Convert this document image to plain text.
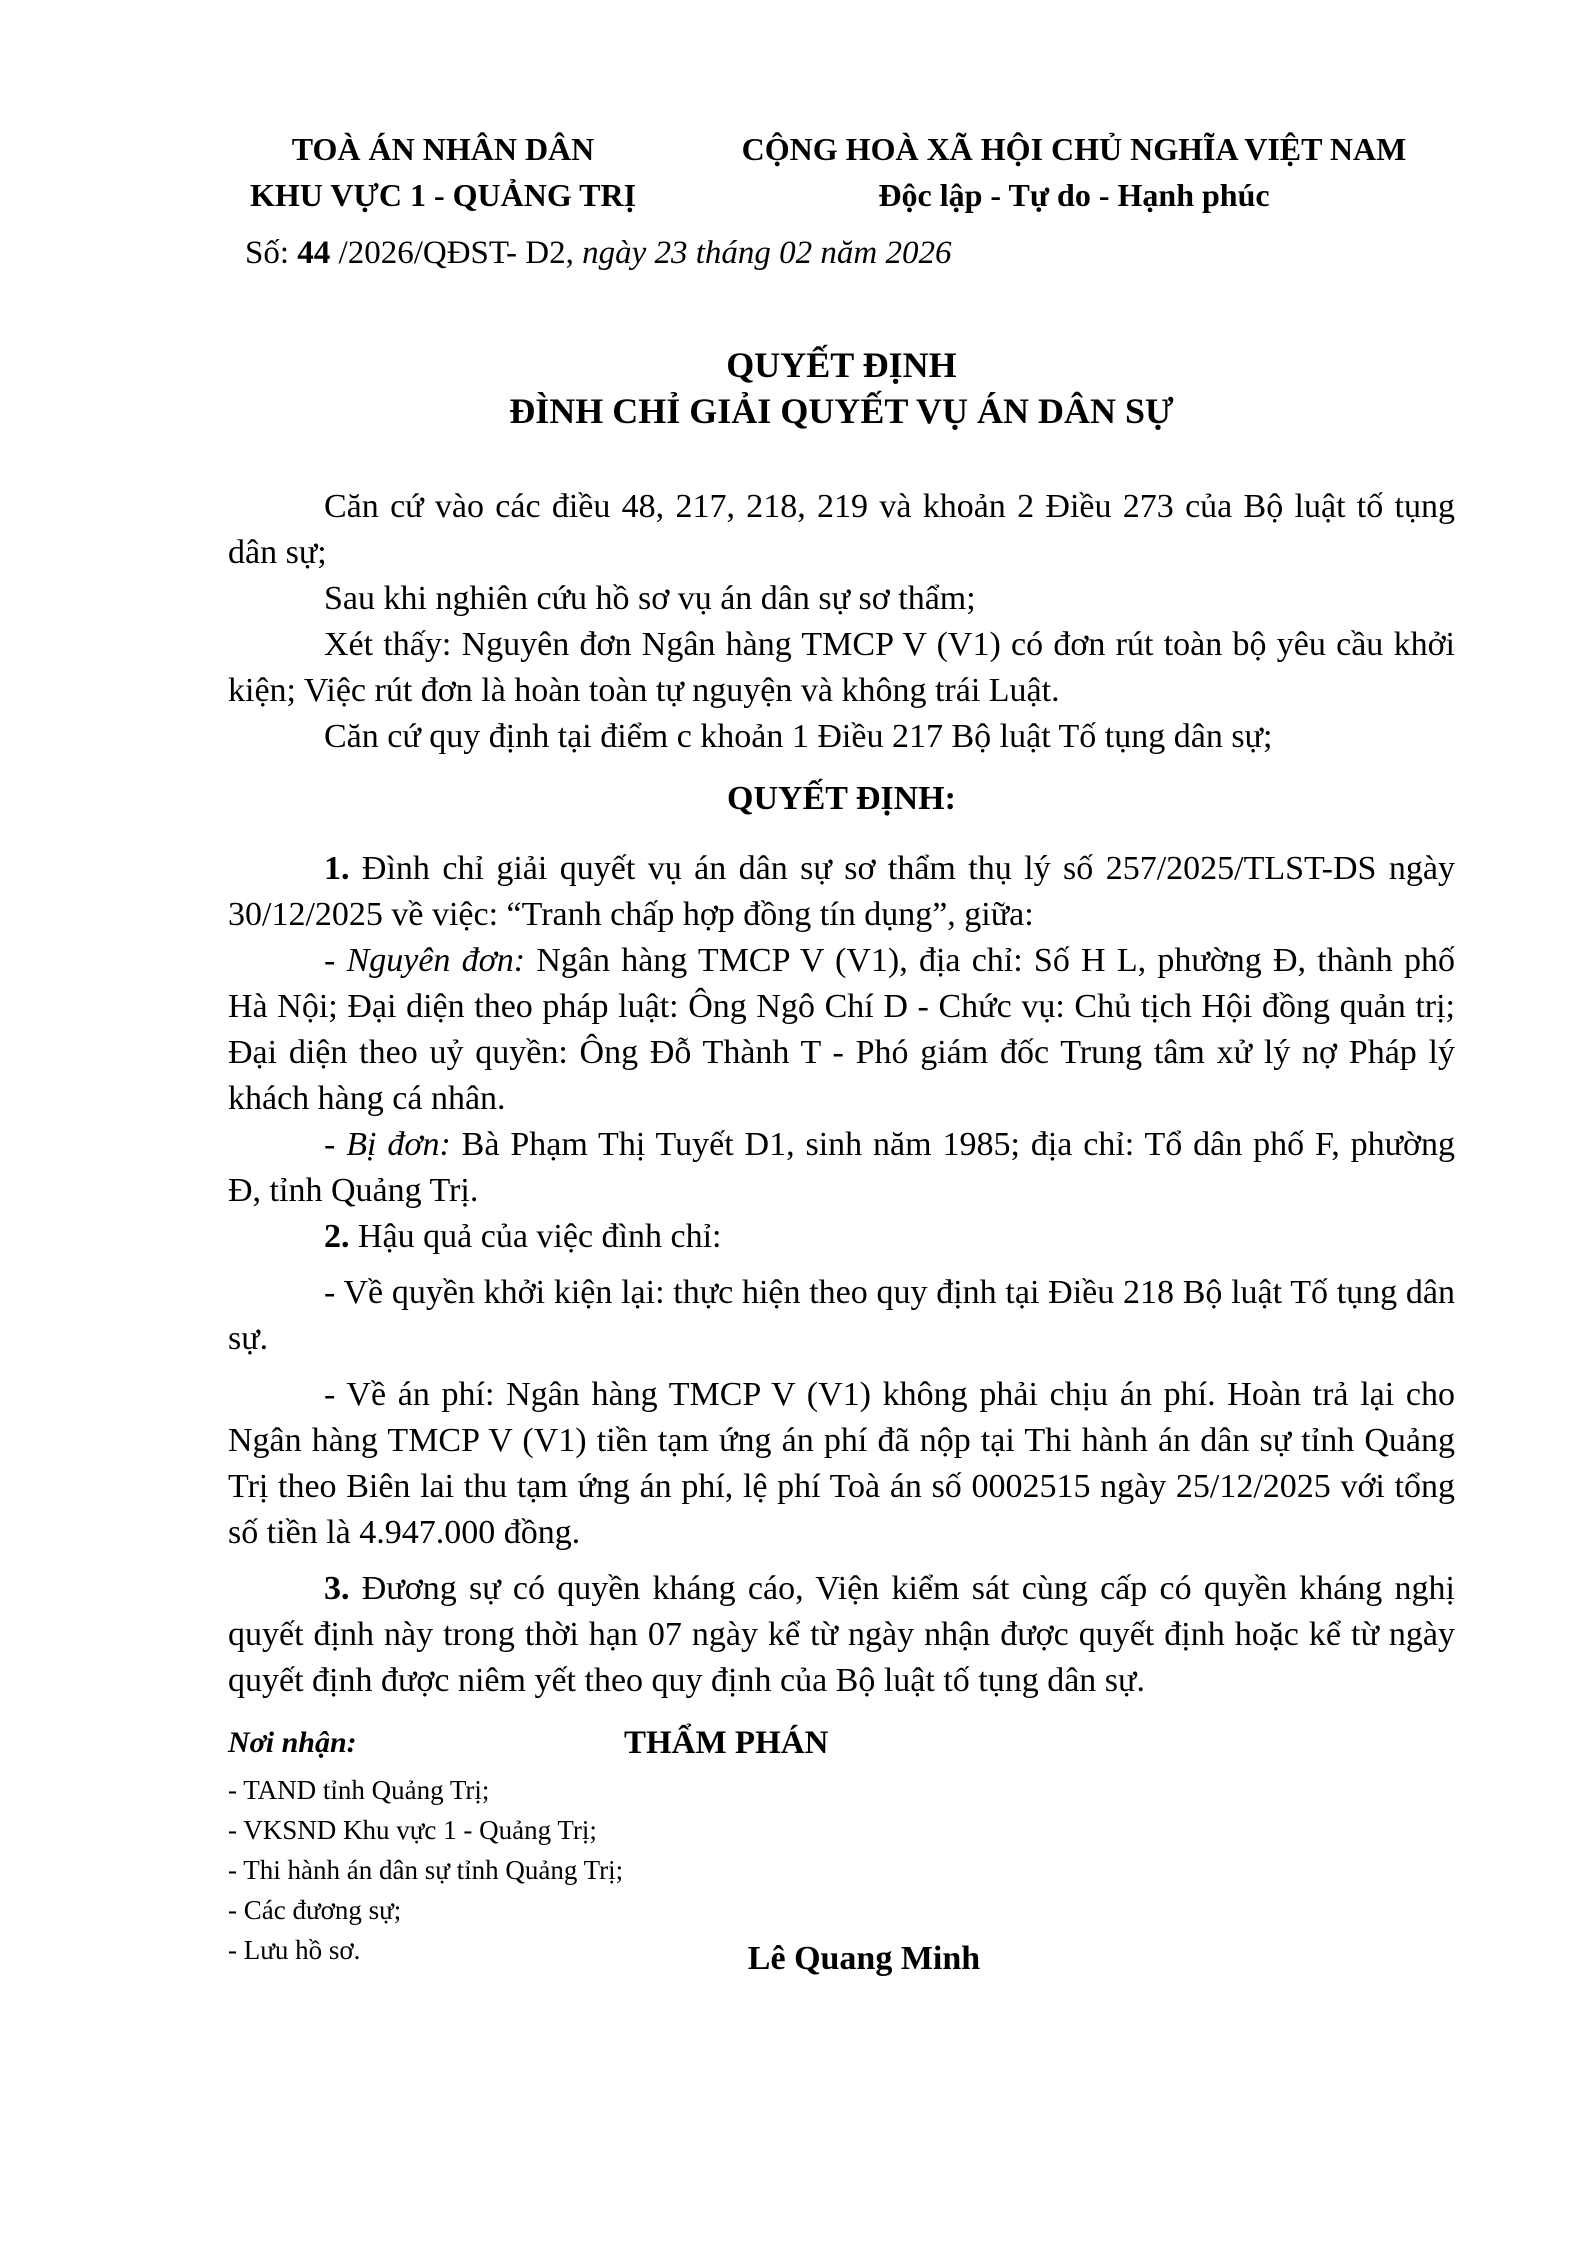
TOÀ ÁN NHÂN DÂN
KHU VỰC 1 - QUẢNG TRỊ
CỘNG HOÀ XÃ HỘI CHỦ NGHĨA VIỆT NAM
Độc lập - Tự do - Hạnh phúc
Số: 44 /2026/QĐST- D2, ngày 23 tháng 02 năm 2026
QUYẾT ĐỊNH
ĐÌNH CHỈ GIẢI QUYẾT VỤ ÁN DÂN SỰ

Căn cứ vào các điều 48, 217, 218, 219 và khoản 2 Điều 273 của Bộ luật tố tụng dân sự;

Sau khi nghiên cứu hồ sơ vụ án dân sự sơ thẩm;

Xét thấy: Nguyên đơn Ngân hàng TMCP V (V1) có đơn rút toàn bộ yêu cầu khởi kiện; Việc rút đơn là hoàn toàn tự nguyện và không trái Luật.

Căn cứ quy định tại điểm c khoản 1 Điều 217 Bộ luật Tố tụng dân sự;

QUYẾT ĐỊNH:

1. Đình chỉ giải quyết vụ án dân sự sơ thẩm thụ lý số 257/2025/TLST-DS ngày 30/12/2025 về việc: “Tranh chấp hợp đồng tín dụng”, giữa:

- Nguyên đơn: Ngân hàng TMCP V (V1), địa chỉ: Số H L, phường Đ, thành phố Hà Nội; Đại diện theo pháp luật: Ông Ngô Chí D - Chức vụ: Chủ tịch Hội đồng quản trị; Đại diện theo uỷ quyền: Ông Đỗ Thành T - Phó giám đốc Trung tâm xử lý nợ Pháp lý khách hàng cá nhân.

- Bị đơn: Bà Phạm Thị Tuyết D1, sinh năm 1985; địa chỉ: Tổ dân phố F, phường Đ, tỉnh Quảng Trị.

2. Hậu quả của việc đình chỉ:

- Về quyền khởi kiện lại: thực hiện theo quy định tại Điều 218 Bộ luật Tố tụng dân sự.

- Về án phí: Ngân hàng TMCP V (V1) không phải chịu án phí. Hoàn trả lại cho Ngân hàng TMCP V (V1) tiền tạm ứng án phí đã nộp tại Thi hành án dân sự tỉnh Quảng Trị theo Biên lai thu tạm ứng án phí, lệ phí Toà án số 0002515 ngày 25/12/2025 với tổng số tiền là 4.947.000 đồng.

3. Đương sự có quyền kháng cáo, Viện kiểm sát cùng cấp có quyền kháng nghị quyết định này trong thời hạn 07 ngày kể từ ngày nhận được quyết định hoặc kể từ ngày quyết định được niêm yết theo quy định của Bộ luật tố tụng dân sự.

Nơi nhận:
- TAND tỉnh Quảng Trị;
- VKSND Khu vực 1 - Quảng Trị;
- Thi hành án dân sự tỉnh Quảng Trị;
- Các đương sự;
- Lưu hồ sơ.
THẨM PHÁN
Lê Quang Minh
